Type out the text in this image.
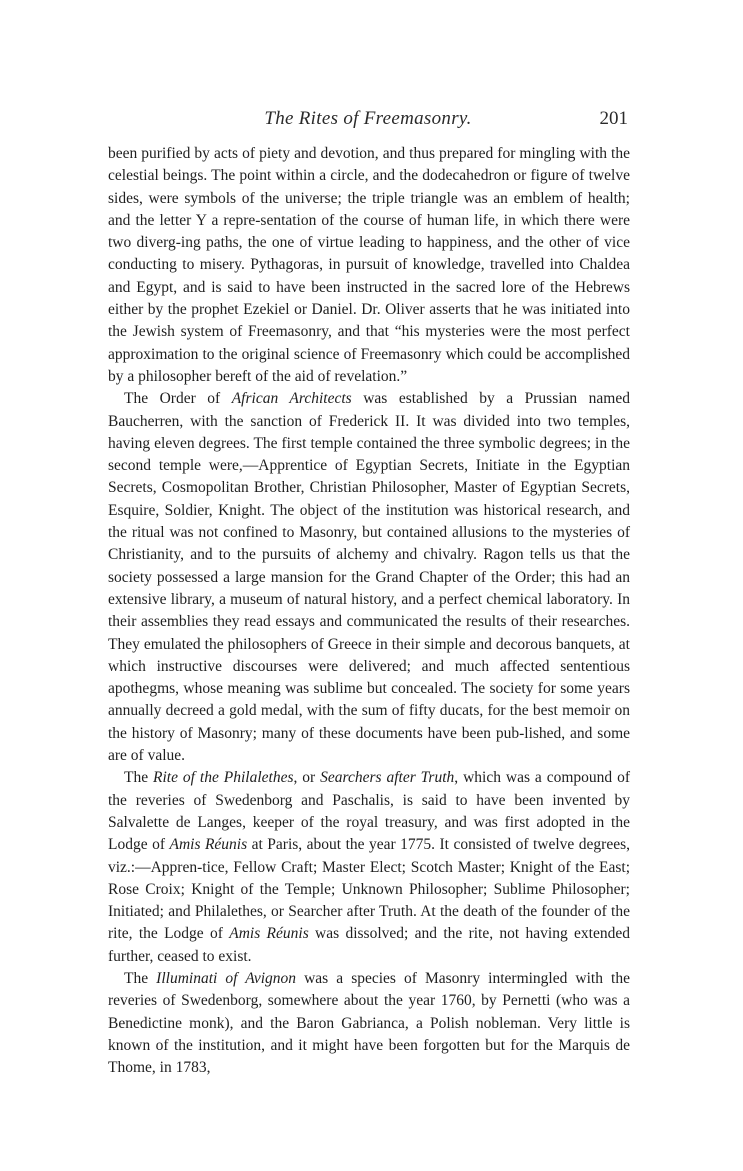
The Rites of Freemasonry.	201

been purified by acts of piety and devotion, and thus prepared for mingling with the celestial beings. The point within a circle, and the dodecahedron or figure of twelve sides, were symbols of the universe; the triple triangle was an emblem of health; and the letter Y a repre-sentation of the course of human life, in which there were two diverg-ing paths, the one of virtue leading to happiness, and the other of vice conducting to misery. Pythagoras, in pursuit of knowledge, travelled into Chaldea and Egypt, and is said to have been instructed in the sacred lore of the Hebrews either by the prophet Ezekiel or Daniel. Dr. Oliver asserts that he was initiated into the Jewish system of Freemasonry, and that “his mysteries were the most perfect approximation to the original science of Freemasonry which could be accomplished by a philosopher bereft of the aid of revelation.”

The Order of African Architects was established by a Prussian named Baucherren, with the sanction of Frederick II. It was divided into two temples, having eleven degrees. The first temple contained the three symbolic degrees; in the second temple were,—Apprentice of Egyptian Secrets, Initiate in the Egyptian Secrets, Cosmopolitan Brother, Christian Philosopher, Master of Egyptian Secrets, Esquire, Soldier, Knight. The object of the institution was historical research, and the ritual was not confined to Masonry, but contained allusions to the mysteries of Christianity, and to the pursuits of alchemy and chivalry. Ragon tells us that the society possessed a large mansion for the Grand Chapter of the Order; this had an extensive library, a museum of natural history, and a perfect chemical laboratory. In their assemblies they read essays and communicated the results of their researches. They emulated the philosophers of Greece in their simple and decorous banquets, at which instructive discourses were delivered; and much affected sententious apothegms, whose meaning was sublime but concealed. The society for some years annually decreed a gold medal, with the sum of fifty ducats, for the best memoir on the history of Masonry; many of these documents have been pub-lished, and some are of value.

The Rite of the Philalethes, or Searchers after Truth, which was a compound of the reveries of Swedenborg and Paschalis, is said to have been invented by Salvalette de Langes, keeper of the royal treasury, and was first adopted in the Lodge of Amis Réunis at Paris, about the year 1775. It consisted of twelve degrees, viz.:—Appren-tice, Fellow Craft; Master Elect; Scotch Master; Knight of the East; Rose Croix; Knight of the Temple; Unknown Philosopher; Sublime Philosopher; Initiated; and Philalethes, or Searcher after Truth. At the death of the founder of the rite, the Lodge of Amis Réunis was dissolved; and the rite, not having extended further, ceased to exist.

The Illuminati of Avignon was a species of Masonry intermingled with the reveries of Swedenborg, somewhere about the year 1760, by Pernetti (who was a Benedictine monk), and the Baron Gabrianca, a Polish nobleman. Very little is known of the institution, and it might have been forgotten but for the Marquis de Thome, in 1783,
